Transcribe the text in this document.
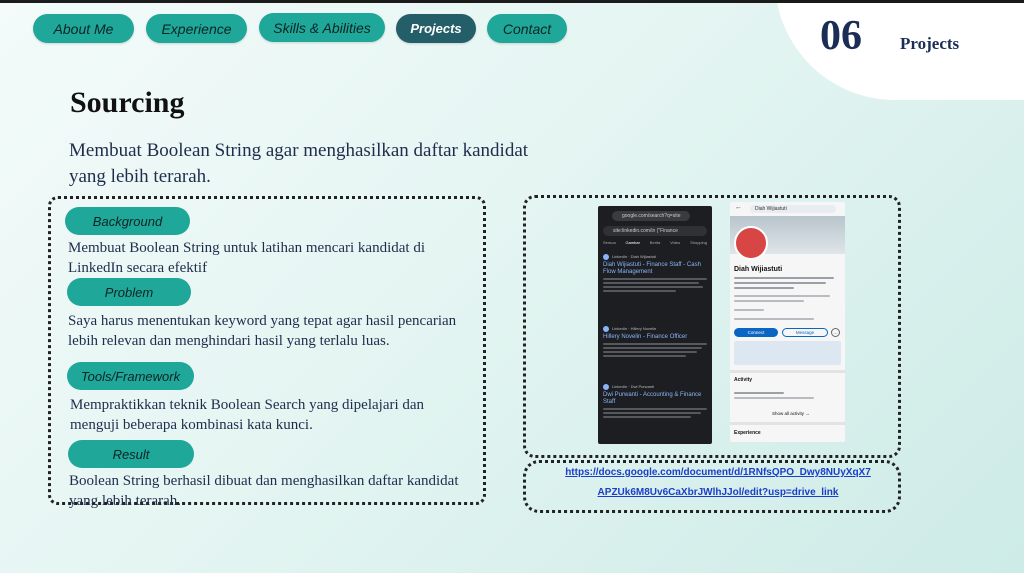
About Me	Experience	Skills & Abilities	Projects	Contact	06 Projects
Sourcing
Membuat Boolean String agar menghasilkan daftar kandidat yang lebih terarah.
Background
Membuat Boolean String untuk latihan mencari kandidat di LinkedIn secara efektif
Problem
Saya harus menentukan keyword yang tepat agar hasil pencarian lebih relevan dan menghindari hasil yang terlalu luas.
Tools/Framework
Mempraktikkan teknik Boolean Search yang dipelajari dan menguji beberapa kombinasi kata kunci.
Result
Boolean String berhasil dibuat dan menghasilkan daftar kandidat yang lebih terarah.
google.com/search?q=site
site:linkedin.com/in ("Finance
Semua Gambar Berita Video Shopping
LinkedIn · Diah Wijiastuti
Diah Wijiastuti - Finance Staff - Cash Flow Management
LinkedIn · Hillery Novelin
Hillery Novelin - Finance Officer
LinkedIn · Dwi Purwanti
Dwi Purwanti - Accounting & Finance Staff
←	Diah Wijiastuti
Diah Wijiastuti
Connect	Message	…
Activity
Show all activity →
Experience
https://docs.google.com/document/d/1RNfsQPO_Dwy8NUyXqX7
APZUk6M8Uv6CaXbrJWlhJJol/edit?usp=drive_link
